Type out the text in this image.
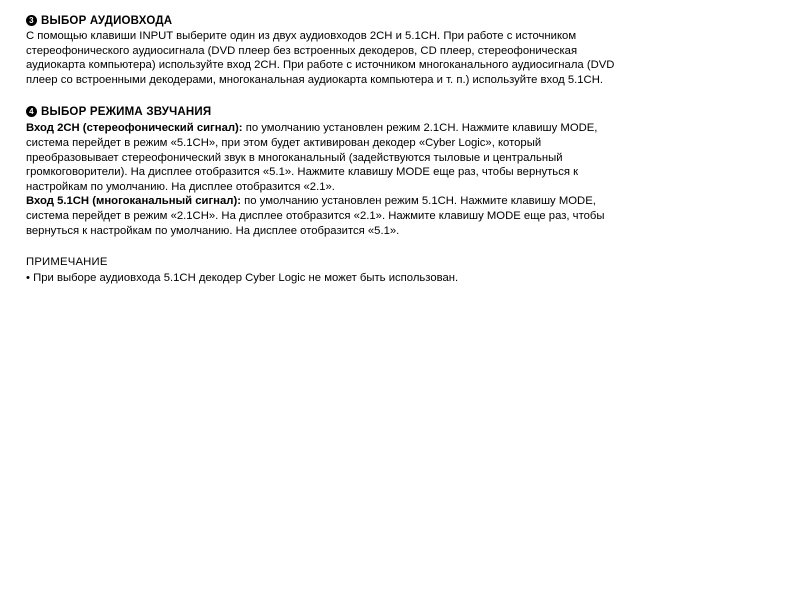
3 ВЫБОР АУДИОВХОДА

С помощью клавиши INPUT выберите один из двух аудиовходов 2CH и 5.1CH. При работе с источником стереофонического аудиосигнала (DVD плеер без встроенных декодеров, CD плеер, стереофоническая аудиокарта компьютера) используйте вход 2CH. При работе с источником многоканального аудиосигнала (DVD плеер со встроенными декодерами, многоканальная аудиокарта компьютера и т. п.) используйте вход 5.1CH.

4 ВЫБОР РЕЖИМА ЗВУЧАНИЯ

Вход 2CH (стереофонический сигнал): по умолчанию установлен режим 2.1CH. Нажмите клавишу MODE, система перейдет в режим «5.1CH», при этом будет активирован декодер «Cyber Logic», который преобразовывает стереофонический звук в многоканальный (задействуются тыловые и центральный громкоговорители). На дисплее отобразится «5.1». Нажмите клавишу MODE еще раз, чтобы вернуться к настройкам по умолчанию. На дисплее отобразится «2.1».

Вход 5.1CH (многоканальный сигнал): по умолчанию установлен режим 5.1CH. Нажмите клавишу MODE, система перейдет в режим «2.1CH». На дисплее отобразится «2.1». Нажмите клавишу MODE еще раз, чтобы вернуться к настройкам по умолчанию. На дисплее отобразится «5.1».

ПРИМЕЧАНИЕ

• При выборе аудиовхода 5.1CH декодер Cyber Logic не может быть использован.
